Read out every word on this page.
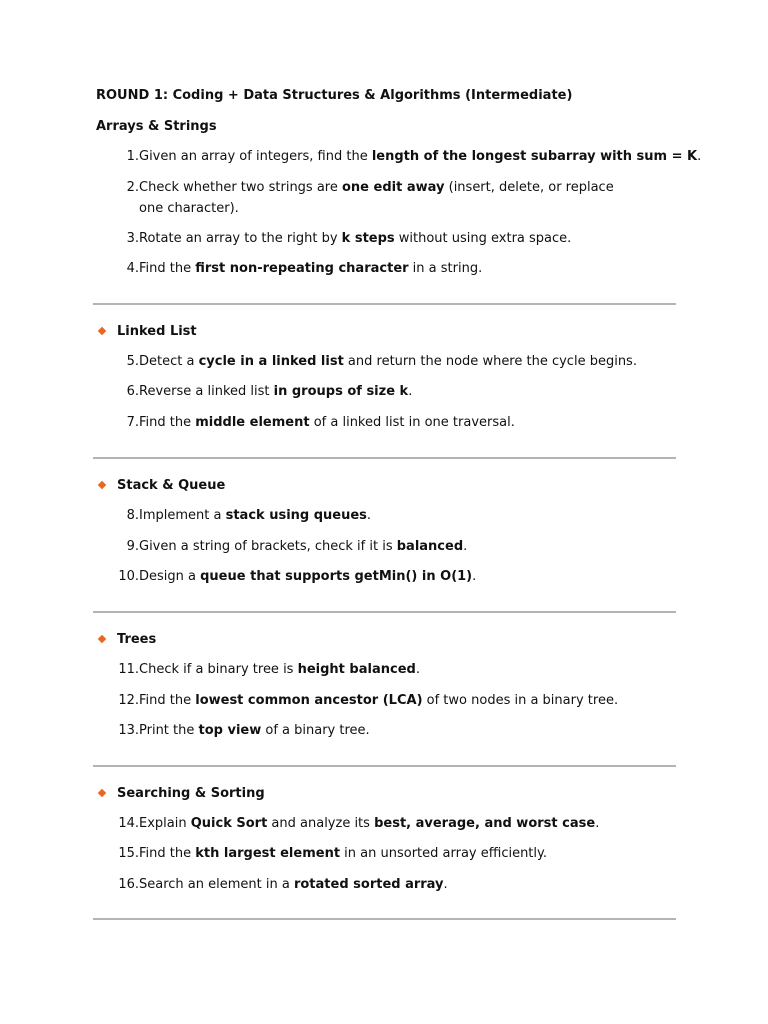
ROUND 1: Coding + Data Structures & Algorithms (Intermediate)
Arrays & Strings
1. Given an array of integers, find the length of the longest subarray with sum = K.
2. Check whether two strings are one edit away (insert, delete, or replace one character).
3. Rotate an array to the right by k steps without using extra space.
4. Find the first non-repeating character in a string.
Linked List
5. Detect a cycle in a linked list and return the node where the cycle begins.
6. Reverse a linked list in groups of size k.
7. Find the middle element of a linked list in one traversal.
Stack & Queue
8. Implement a stack using queues.
9. Given a string of brackets, check if it is balanced.
10. Design a queue that supports getMin() in O(1).
Trees
11. Check if a binary tree is height balanced.
12. Find the lowest common ancestor (LCA) of two nodes in a binary tree.
13. Print the top view of a binary tree.
Searching & Sorting
14. Explain Quick Sort and analyze its best, average, and worst case.
15. Find the kth largest element in an unsorted array efficiently.
16. Search an element in a rotated sorted array.
